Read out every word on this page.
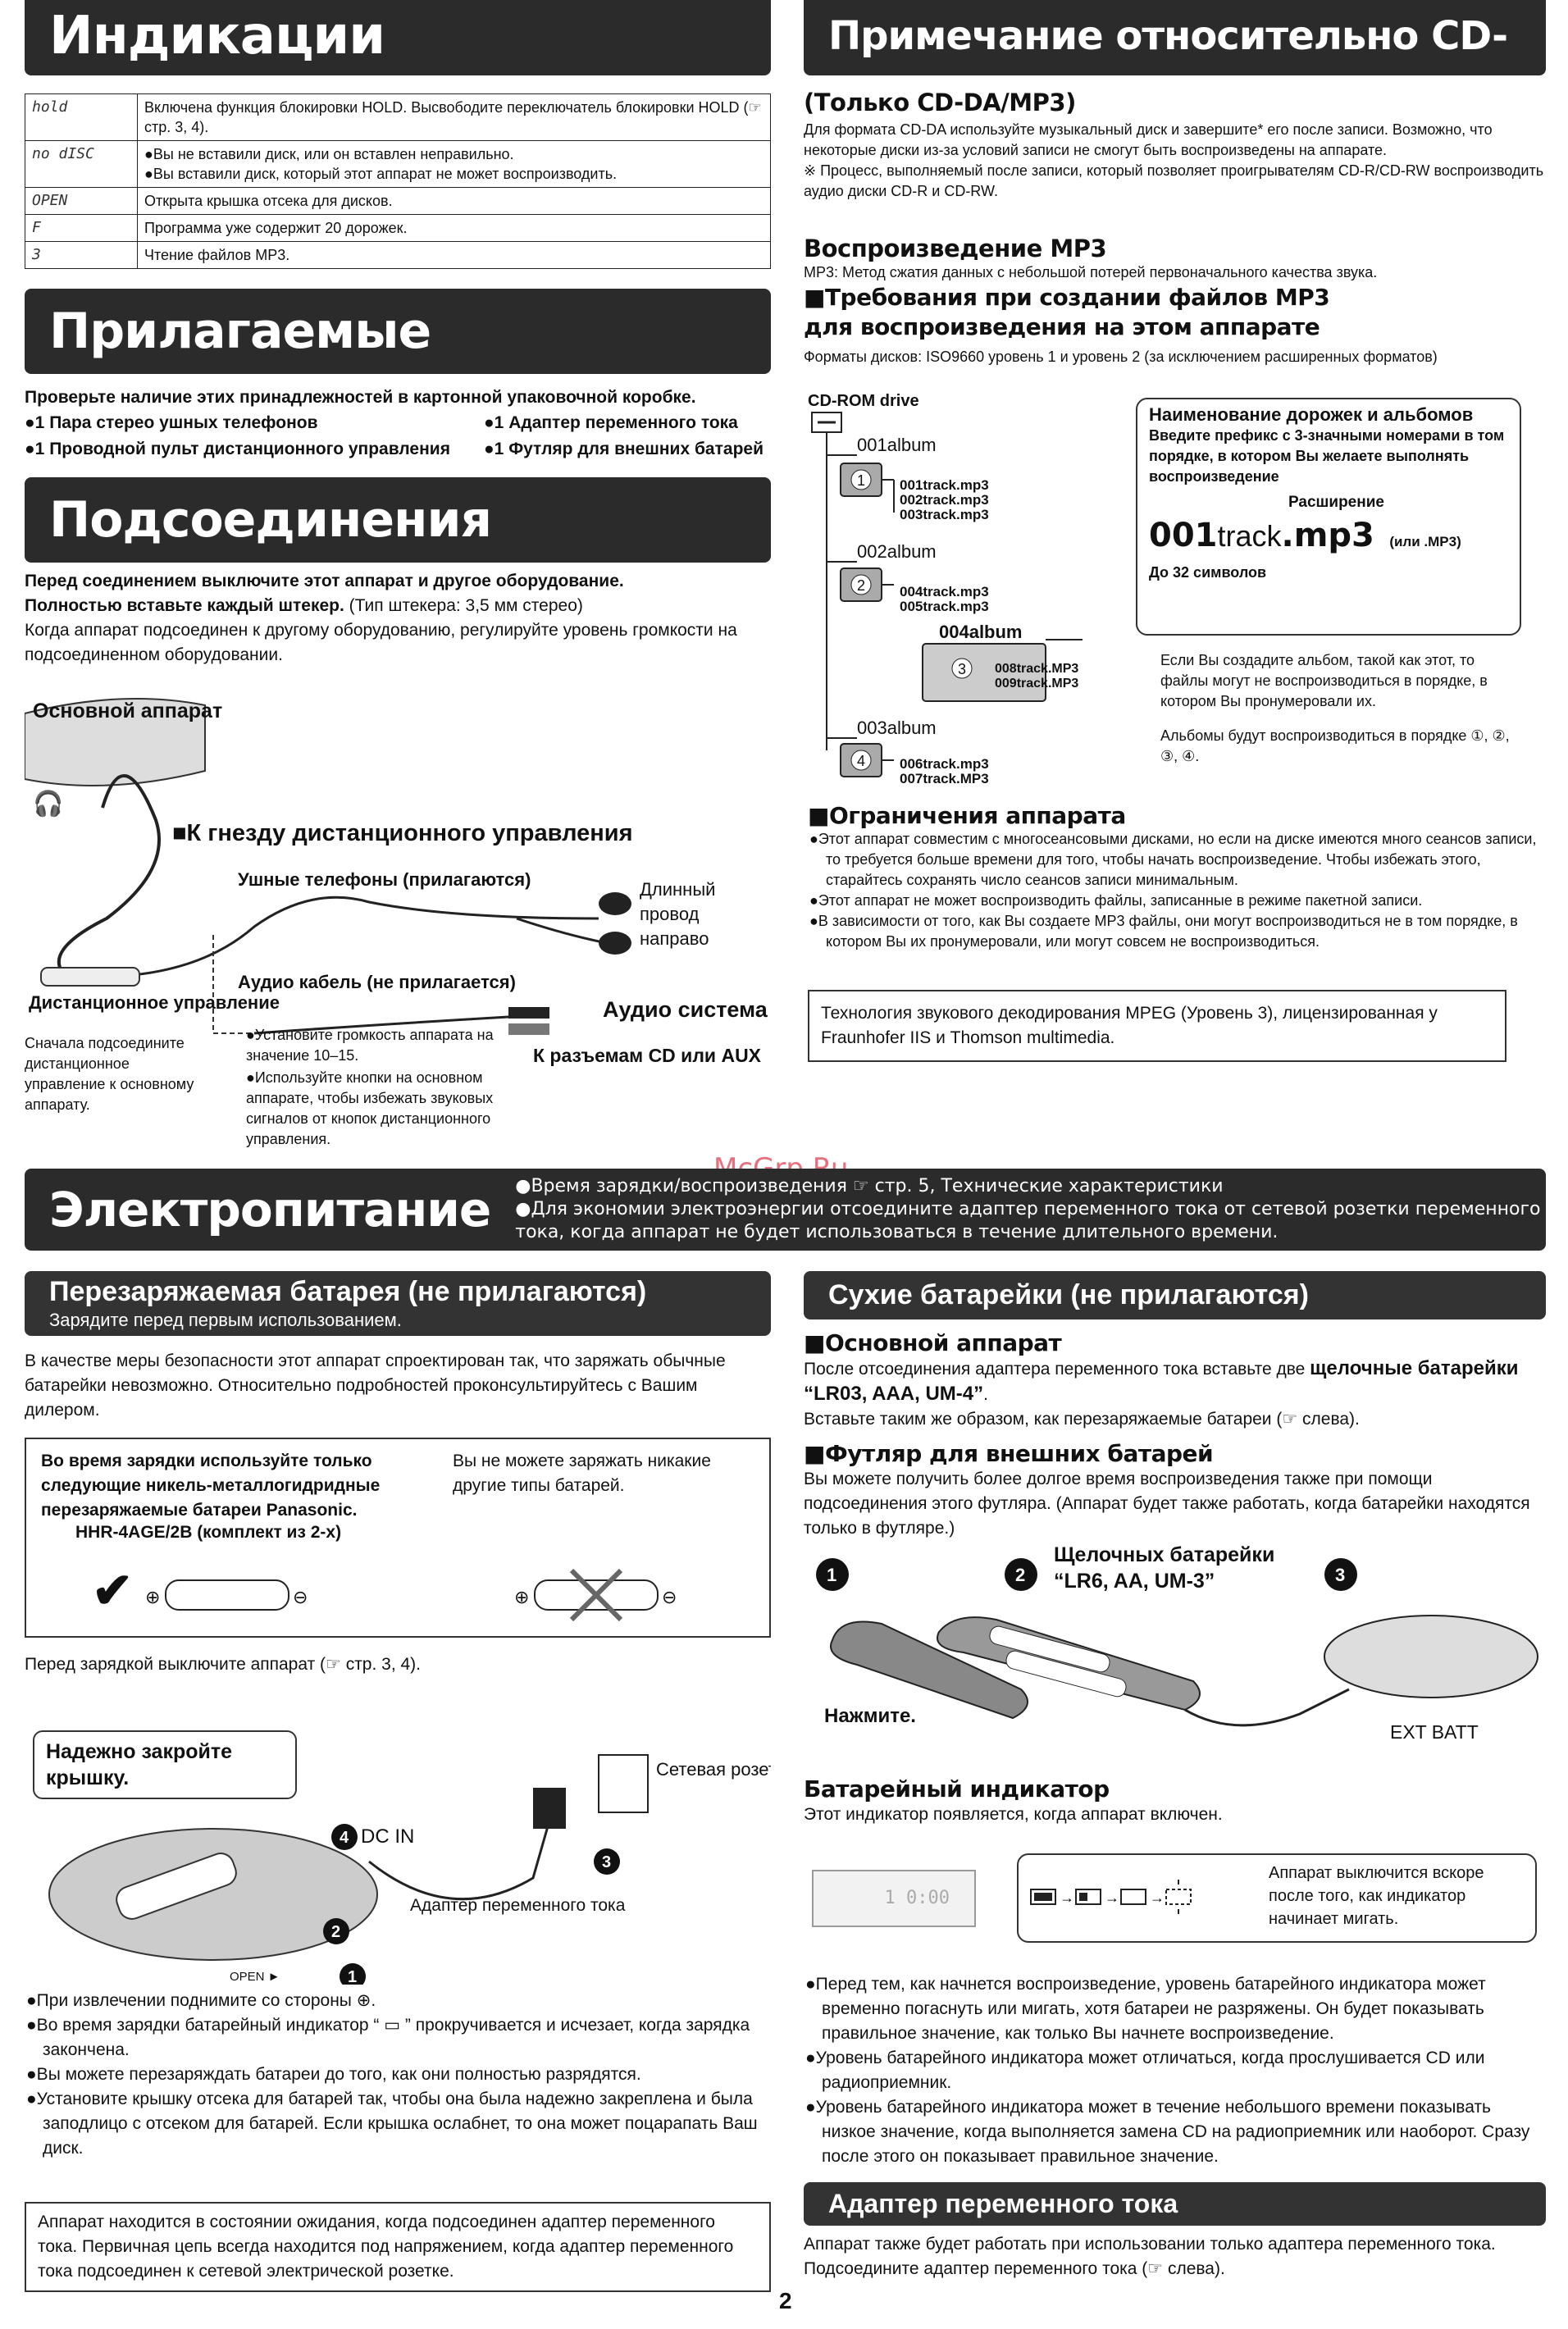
Индикации
hold	Включена функция блокировки HOLD. Высвободите переключатель блокировки HOLD (☞ стр. 3, 4).
no dISC	●Вы не вставили диск, или он вставлен неправильно.
●Вы вставили диск, который этот аппарат не может воспроизводить.
OPEN	Открыта крышка отсека для дисков.
F	Программа уже содержит 20 дорожек.
3	Чтение файлов MP3.
Прилагаемые

Проверьте наличие этих принадлежностей в картонной упаковочной коробке.

●1 Пара стерео ушных телефонов	●1 Адаптер переменного тока
●1 Проводной пульт дистанционного управления	●1 Футляр для внешних батарей
Подсоединения

Перед соединением выключите этот аппарат и другое оборудование.

Полностью вставьте каждый штекер. (Тип штекера: 3,5 мм стерео)

Когда аппарат подсоединен к другому оборудованию, регулируйте уровень громкости на подсоединенном оборудовании.

Основной аппарат
🎧
■К гнезду дистанционного управления
Ушные телефоны (прилагаются)
Аудио кабель (не прилагается)
Аудио система
К разъемам CD или AUX
Дистанционное управление
Длинный провод направо
Сначала подсоедините дистанционное управление к основному аппарату.
●Установите громкость аппарата на значение 10–15.
●Используйте кнопки на основном аппарате, чтобы избежать звуковых сигналов от кнопок дистанционного управления.
Примечание относительно CD-

(Только CD-DA/MP3)

Для формата CD-DA используйте музыкальный диск и завершите* его после записи. Возможно, что некоторые диски из-за условий записи не смогут быть воспроизведены на аппарате.

※ Процесс, выполняемый после записи, который позволяет проигрывателям CD-R/CD-RW воспроизводить аудио диски CD-R и CD-RW.

Воспроизведение MP3

MP3: Метод сжатия данных с небольшой потерей первоначального качества звука.

■Требования при создании файлов MP3 для воспроизведения на этом аппарате

Форматы дисков: ISO9660 уровень 1 и уровень 2 (за исключением расширенных форматов)

CD-ROM drive
001album
1 001track.mp3
002track.mp3
003track.mp3
002album
2 004track.mp3
005track.mp3
004album
3 008track.MP3
009track.MP3
003album
4 006track.mp3
007track.MP3
Наименование дорожек и альбомов
Введите префикс с 3-значными номерами в том порядке, в котором Вы желаете выполнять воспроизведение
Расширение
001track.mp3 (или .MP3)
До 32 символов
Если Вы создадите альбом, такой как этот, то файлы могут не воспроизводиться в порядке, в котором Вы пронумеровали их.
Альбомы будут воспроизводиться в порядке ①, ②, ③, ④.

■Ограничения аппарата

●Этот аппарат совместим с многосеансовыми дисками, но если на диске имеются много сеансов записи, то требуется больше времени для того, чтобы начать воспроизведение. Чтобы избежать этого, старайтесь сохранять число сеансов записи минимальным.

●Этот аппарат не может воспроизводить файлы, записанные в режиме пакетной записи.

●В зависимости от того, как Вы создаете MP3 файлы, они могут воспроизводиться не в том порядке, в котором Вы их пронумеровали, или могут совсем не воспроизводиться.

Технология звукового декодирования MPEG (Уровень 3), лицензированная у Fraunhofer IIS и Thomson multimedia.
Электропитание	●Время зарядки/воспроизведения ☞ стр. 5, Технические характеристики
●Для экономии электроэнергии отсоедините адаптер переменного тока от сетевой розетки переменного тока, когда аппарат не будет использоваться в течение длительного времени.
Перезаряжаемая батарея (не прилагаются)
Зарядите перед первым использованием.

В качестве меры безопасности этот аппарат спроектирован так, что заряжать обычные батарейки невозможно. Относительно подробностей проконсультируйтесь с Вашим дилером.

Во время зарядки используйте только следующие никель-металлогидридные перезаряжаемые батареи Panasonic.
HHR-4AGE/2B (комплект из 2-х)
Вы не можете заряжать никакие другие типы батарей.
✔ ⊕	⊖	⊕	⊖

Перед зарядкой выключите аппарат (☞ стр. 3, 4).

4 DC IN
2
1
OPEN ►
3
Сетевая розе
Адаптер переменного тока
Надежно закройте крышку.

●При извлечении поднимите со стороны ⊕.

●Во время зарядки батарейный индикатор “ ▭ ” прокручивается и исчезает, когда зарядка закончена.

●Вы можете перезаряждать батареи до того, как они полностью разрядятся.

●Установите крышку отсека для батарей так, чтобы она была надежно закреплена и была заподлицо с отсеком для батарей. Если крышка ослабнет, то она может поцарапать Ваш диск.

Аппарат находится в состоянии ожидания, когда подсоединен адаптер переменного тока. Первичная цепь всегда находится под напряжением, когда адаптер переменного тока подсоединен к сетевой электрической розетке.
2
Сухие батарейки (не прилагаются)

■Основной аппарат

После отсоединения адаптера переменного тока вставьте две щелочные батарейки “LR03, AAA, UM-4”.

Вставьте таким же образом, как перезаряжаемые батареи (☞ слева).

■Футляр для внешних батарей

Вы можете получить более долгое время воспроизведения также при помощи подсоединения этого футляра. (Аппарат будет также работать, когда батарейки находятся только в футляре.)

1	2	3
Нажмите.
EXT BATT
Щелочных батарейки “LR6, AA, UM-3”

Батарейный индикатор

Этот индикатор появляется, когда аппарат включен.

1 0:00	→ → →
Аппарат выключится вскоре после того, как индикатор начинает мигать.

●Перед тем, как начнется воспроизведение, уровень батарейного индикатора может временно погаснуть или мигать, хотя батареи не разряжены. Он будет показывать правильное значение, как только Вы начнете воспроизведение.

●Уровень батарейного индикатора может отличаться, когда прослушивается CD или радиоприемник.

●Уровень батарейного индикатора может в течение небольшого времени показывать низкое значение, когда выполняется замена CD на радиоприемник или наоборот. Сразу после этого он показывает правильное значение.

Адаптер переменного тока

Аппарат также будет работать при использовании только адаптера переменного тока.

Подсоедините адаптер переменного тока (☞ слева).
